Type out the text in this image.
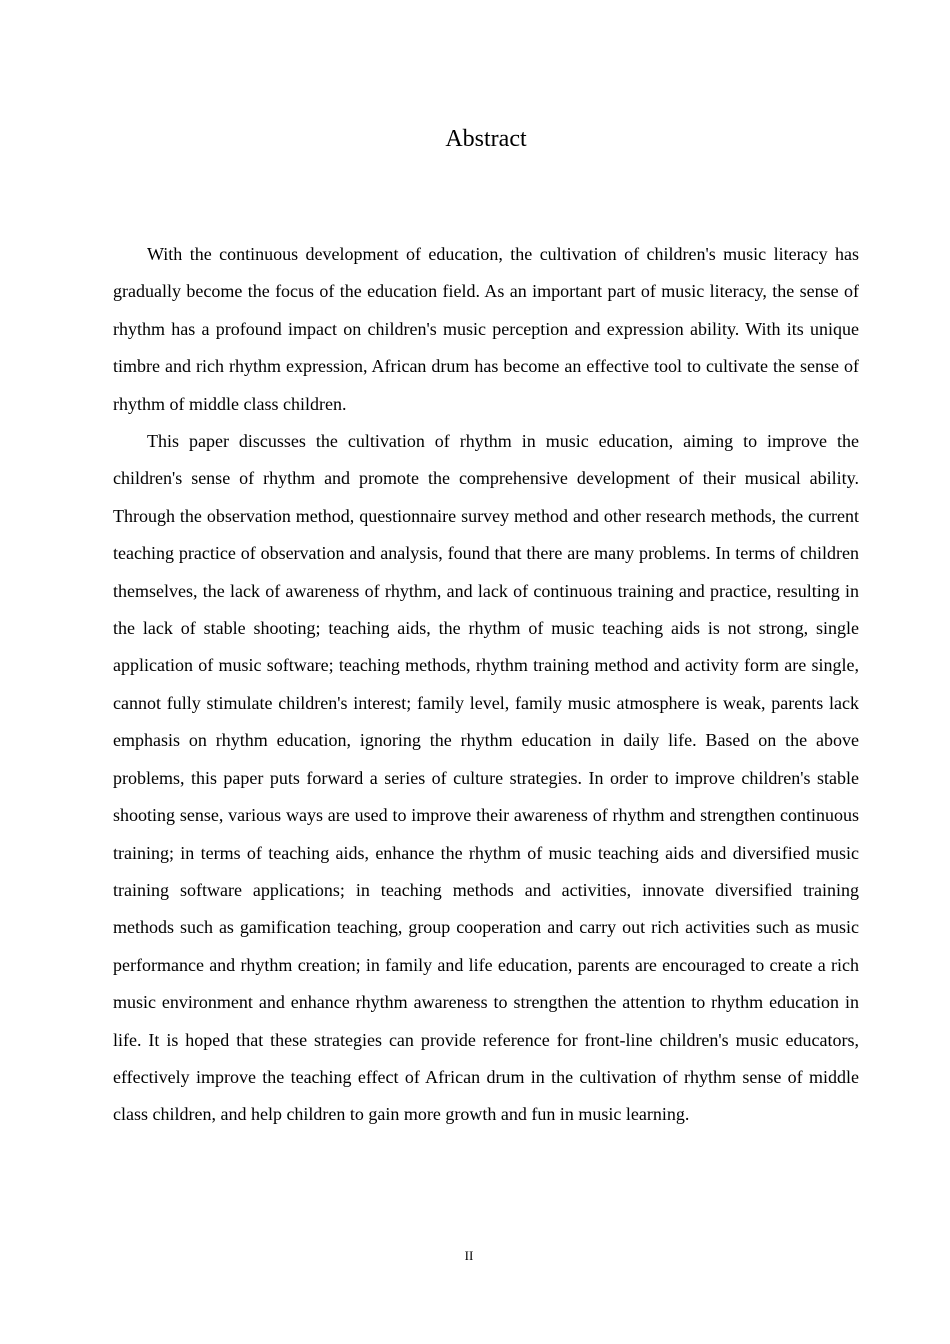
Abstract

With the continuous development of education, the cultivation of children's music literacy has gradually become the focus of the education field. As an important part of music literacy, the sense of rhythm has a profound impact on children's music perception and expression ability. With its unique timbre and rich rhythm expression, African drum has become an effective tool to cultivate the sense of rhythm of middle class children.

This paper discusses the cultivation of rhythm in music education, aiming to improve the children's sense of rhythm and promote the comprehensive development of their musical ability. Through the observation method, questionnaire survey method and other research methods, the current teaching practice of observation and analysis, found that there are many problems. In terms of children themselves, the lack of awareness of rhythm, and lack of continuous training and practice, resulting in the lack of stable shooting; teaching aids, the rhythm of music teaching aids is not strong, single application of music software; teaching methods, rhythm training method and activity form are single, cannot fully stimulate children's interest; family level, family music atmosphere is weak, parents lack emphasis on rhythm education, ignoring the rhythm education in daily life. Based on the above problems, this paper puts forward a series of culture strategies. In order to improve children's stable shooting sense, various ways are used to improve their awareness of rhythm and strengthen continuous training; in terms of teaching aids, enhance the rhythm of music teaching aids and diversified music training software applications; in teaching methods and activities, innovate diversified training methods such as gamification teaching, group cooperation and carry out rich activities such as music performance and rhythm creation; in family and life education, parents are encouraged to create a rich music environment and enhance rhythm awareness to strengthen the attention to rhythm education in life. It is hoped that these strategies can provide reference for front-line children's music educators, effectively improve the teaching effect of African drum in the cultivation of rhythm sense of middle class children, and help children to gain more growth and fun in music learning.

II
